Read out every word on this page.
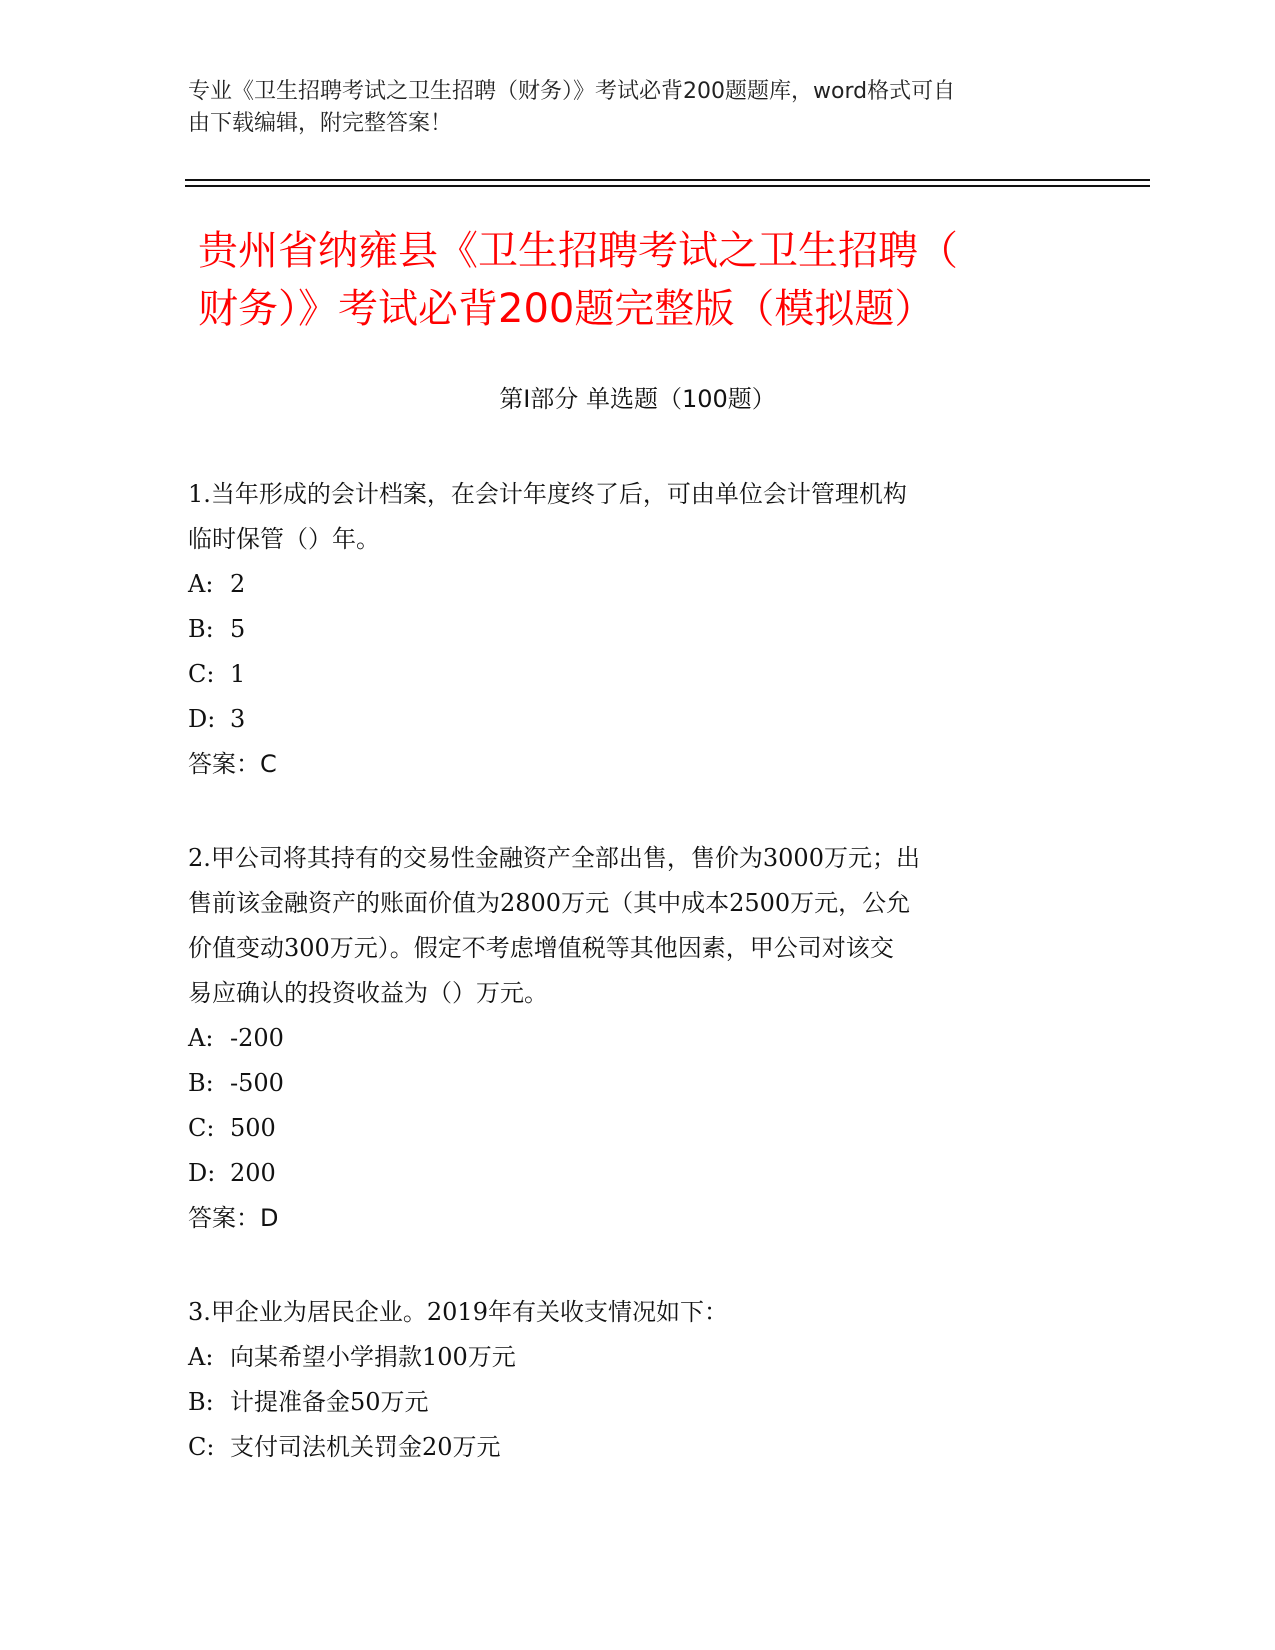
专业《卫生招聘考试之卫生招聘（财务）》考试必背200题题库，word格式可自
由下载编辑，附完整答案！
贵州省纳雍县《卫生招聘考试之卫生招聘（
财务）》考试必背200题完整版（模拟题）
第I部分 单选题（100题）

1.当年形成的会计档案，在会计年度终了后，可由单位会计管理机构
临时保管（）年。

A: 2

B: 5

C: 1

D: 3

答案：C

2.甲公司将其持有的交易性金融资产全部出售，售价为3000万元；出
售前该金融资产的账面价值为2800万元（其中成本2500万元，公允
价值变动300万元）。假定不考虑增值税等其他因素，甲公司对该交
易应确认的投资收益为（）万元。

A: -200

B: -500

C: 500

D: 200

答案：D

3.甲企业为居民企业。2019年有关收支情况如下：

A: 向某希望小学捐款100万元

B: 计提准备金50万元

C: 支付司法机关罚金20万元
